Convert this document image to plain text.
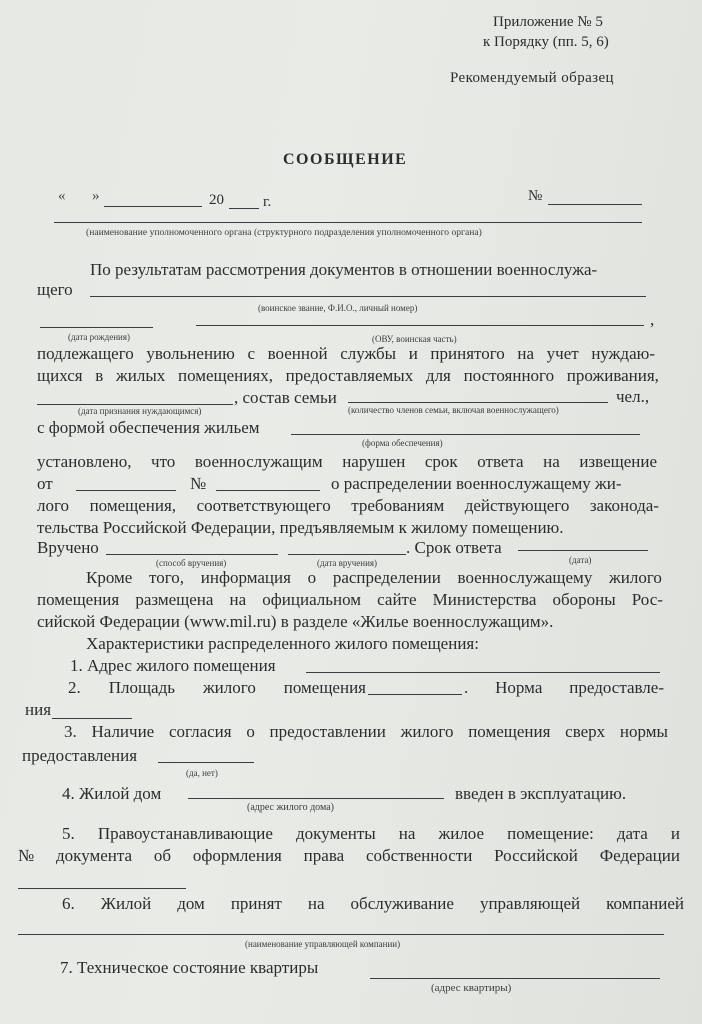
Приложение № 5
к Порядку (пп. 5, 6)
Рекомендуемый образец
СООБЩЕНИЕ
« »	20	г.	№
(наименование уполномоченного органа (структурного подразделения уполномоченного органа)
По результатам рассмотрения документов в отношении военнослужа-
щего
(воинское звание, Ф.И.О., личный номер)
,
(дата рождения)	(ОВУ, воинская часть)
подлежащего увольнению с военной службы и принятого на учет нуждаю-
щихся в жилых помещениях, предоставляемых для постоянного проживания,
, состав семьи	чел.,
(дата признания нуждающимся)	(количество членов семьи, включая военнослужащего)
с формой обеспечения жильем
(форма обеспечения)
установлено, что военнослужащим нарушен срок ответа на извещение
от	№	о распределении военнослужащему жи-
лого помещения, соответствующего требованиям действующего законода-
тельства Российской Федерации, предъявляемым к жилому помещению.
Вручено	. Срок ответа
(способ вручения)	(дата вручения)	(дата)
Кроме того, информация о распределении военнослужащему жилого
помещения размещена на официальном сайте Министерства обороны Рос-
сийской Федерации (www.mil.ru) в разделе «Жилье военнослужащим».
Характеристики распределенного жилого помещения:
1. Адрес жилого помещения
2. Площадь жилого помещения	. Норма предоставле-
ния
3. Наличие согласия о предоставлении жилого помещения сверх нормы
предоставления
(да, нет)
4. Жилой дом	введен в эксплуатацию.
(адрес жилого дома)
5. Правоустанавливающие документы на жилое помещение: дата и
№ документа об оформления права собственности Российской Федерации
6. Жилой дом принят на обслуживание управляющей компанией
(наименование управляющей компании)
7. Техническое состояние квартиры
(адрес квартиры)
